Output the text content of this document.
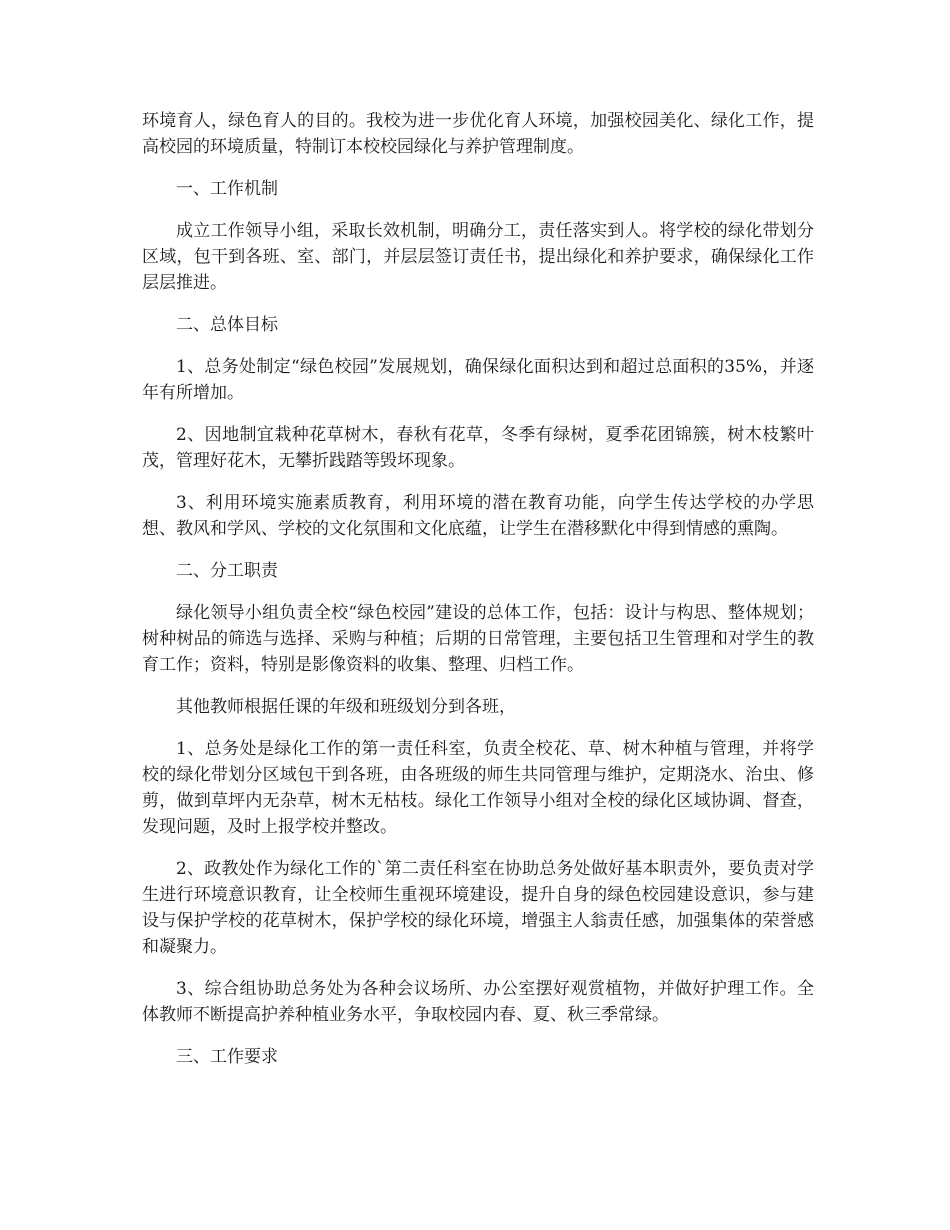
环境育人，绿色育人的目的。我校为进一步优化育人环境，加强校园美化、绿化工作，提高校园的环境质量，特制订本校校园绿化与养护管理制度。

一、工作机制

成立工作领导小组，采取长效机制，明确分工，责任落实到人。将学校的绿化带划分区域，包干到各班、室、部门，并层层签订责任书，提出绿化和养护要求，确保绿化工作层层推进。

二、总体目标

1、总务处制定“绿色校园”发展规划，确保绿化面积达到和超过总面积的35%，并逐年有所增加。

2、因地制宜栽种花草树木，春秋有花草，冬季有绿树，夏季花团锦簇，树木枝繁叶茂，管理好花木，无攀折践踏等毁坏现象。

3、利用环境实施素质教育，利用环境的潜在教育功能，向学生传达学校的办学思想、教风和学风、学校的文化氛围和文化底蕴，让学生在潜移默化中得到情感的熏陶。

二、分工职责

绿化领导小组负责全校“绿色校园”建设的总体工作，包括：设计与构思、整体规划；树种树品的筛选与选择、采购与种植；后期的日常管理，主要包括卫生管理和对学生的教育工作；资料，特别是影像资料的收集、整理、归档工作。

其他教师根据任课的年级和班级划分到各班，

1、总务处是绿化工作的第一责任科室，负责全校花、草、树木种植与管理，并将学校的绿化带划分区域包干到各班，由各班级的师生共同管理与维护，定期浇水、治虫、修剪，做到草坪内无杂草，树木无枯枝。绿化工作领导小组对全校的绿化区域协调、督查，发现问题，及时上报学校并整改。

2、政教处作为绿化工作的`第二责任科室在协助总务处做好基本职责外，要负责对学生进行环境意识教育，让全校师生重视环境建设，提升自身的绿色校园建设意识，参与建设与保护学校的花草树木，保护学校的绿化环境，增强主人翁责任感，加强集体的荣誉感和凝聚力。

3、综合组协助总务处为各种会议场所、办公室摆好观赏植物，并做好护理工作。全体教师不断提高护养种植业务水平，争取校园内春、夏、秋三季常绿。

三、工作要求
